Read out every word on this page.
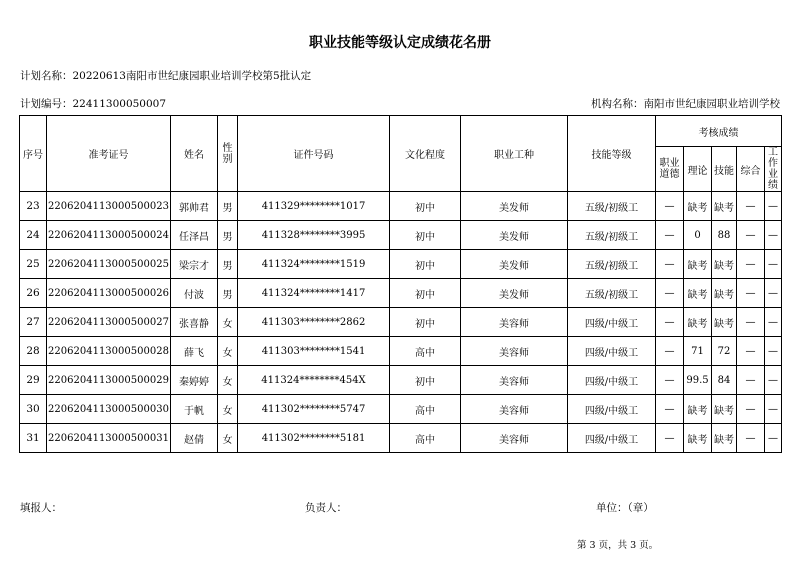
职业技能等级认定成绩花名册
计划名称：20220613南阳市世纪康园职业培训学校第5批认定
计划编号：22411300050007	机构名称：南阳市世纪康园职业培训学校
序号	准考证号	姓名	性别	证件号码	文化程度	职业工种	技能等级	考核成绩				
								职业道德	理论	技能	综合	工作业绩
23	2206204113000500023	郭帅君	男	411329********1017	初中	美发师	五级/初级工	—	缺考	缺考	—	—
24	2206204113000500024	任泽昌	男	411328********3995	初中	美发师	五级/初级工	—	0	88	—	—
25	2206204113000500025	梁宗才	男	411324********1519	初中	美发师	五级/初级工	—	缺考	缺考	—	—
26	2206204113000500026	付波	男	411324********1417	初中	美发师	五级/初级工	—	缺考	缺考	—	—
27	2206204113000500027	张喜静	女	411303********2862	初中	美容师	四级/中级工	—	缺考	缺考	—	—
28	2206204113000500028	薛飞	女	411303********1541	高中	美容师	四级/中级工	—	71	72	—	—
29	2206204113000500029	秦婷婷	女	411324********454X	初中	美容师	四级/中级工	—	99.5	84	—	—
30	2206204113000500030	于帆	女	411302********5747	高中	美容师	四级/中级工	—	缺考	缺考	—	—
31	2206204113000500031	赵倩	女	411302********5181	高中	美容师	四级/中级工	—	缺考	缺考	—	—
填报人：	负责人：	单位：（章）
第 3 页，共 3 页。
